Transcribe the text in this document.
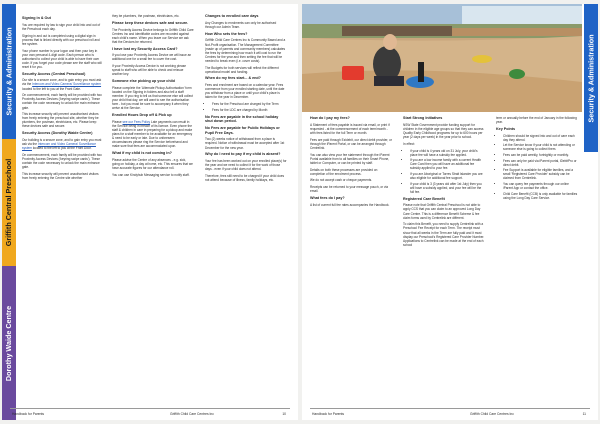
Security & Administration
Griffith Central Preschool
Dorothy Waide Centre
Signing in & Out

You are required by law to sign your child into and out of the Preschool each day.

Signing in and out is completed using a digital sign in process that is linked directly with our preschool roll and fee system.

Your phone number is your logon and then your key in your own personal 4-digit code. Each person who is authorised to collect your child is able to have their own code. If you forget your code please see the staff who will reset it for you.

Security Access (Central Preschool)

Our site is a secure zone, and to gain entry you must ask via the Intercom and Video Camera/ Surveillance system located to the left to you at the Front Gate.

On commencement, each family will be provided with two Proximity Access Devices ('keyring swipe cards'). These contain the code necessary to unlock the main entrance gate.

This increase security will prevent unauthorised visitors from freely entering the preschool site, whether they be plumbers, the postman, electricians, etc. Please keep these devices safe and secure.

Security Access (Dorothy Waide Centre)

Our building is a secure zone, and to gain entry you must ask via the Intercom and Video Camera/ Surveillance system located to the left to you at the Front Door.

On commencement, each family will be provided with two Proximity Access Devices ('keyring swipe cards'). These contain the code necessary to unlock the main entrance gate.

This increase security will prevent unauthorised visitors from freely entering the Centre site whether

they be plumbers, the postman, electricians, etc.

Please keep these devices safe and secure.

The Proximity Access Device belongs to Griffith Child Care Centres Inc and identifiable codes are recorded against each child's name. When you leave our Service we ask that the Devices be returned.

I have lost my Security Access Card?

If you lose your Proximity Access Device we will issue an additional one for a small fee to cover the cost.

If your Proximity Access Device is not working please speak to staff who will be able to check and reissue another key.

Someone else picking up your child

Please complete the 'Alternate Pickup Authorisation' form located on the Signing in folders and also tell a staff member. If you ring to tell us that someone else will collect your child that day, we will want to see the authorisation form - but you must be sure to accompany it when they arrive at the Service.

Enrolled Hours Drop off & Pick up

Please see our Fees Policy Late payments can result in the Service being in breach of its licence. Even phone the staff & children in care in preparing for a pickup and make plans for a staff member to be available for an emergency & need to be early or late. Due to unforeseen circumstances please ring the Service beforehand and make sure that fees are accommodated upon.

What if my child is not coming in?

Please advise the Centre of any absences - e.g. sick, going on holiday, a day at home, etc. This ensures that we have accurate figures for our attendance roll.

You can use Kindyhub Messaging service to notify staff.

Changes to enrolled care days

Any Changes to enrolments can only be authorised through our Admin Team.

How Who sets the fees?

Griffith Child Care Centres Inc is Community Based and a Not-Profit organisation. The Management Committee (made up of parents and community members) calculates the fees by determining how much it will cost to run the Centres for the year and then setting the fee that will be needed to break even (i.e. cover costs).

The Budgets for both services will reflect the different operational model and funding.

When do my fees start... & end?

Fees and enrolment are based on a calendar year. Fees commence from your enrolled starting date, until the date you withdraw from a place or until your child's place is taken for the year in December.

• Fees for the Preschool are charged by the Term
• Fees for the LDC are charged by Month
No Fees are payable in the school holiday shut down period.
No Fees are payable for Public Holidays or Pupil Free Days.

Two (2) weeks notice of withdrawal from a place is required. Notice of withdrawal must be accepted after 1st December for the new year.

Why do I need to pay if my child is absent?

Your fee has been worked out on your enrolled place(s) for the year and we need to collect it for the work of those days - even if your child does not attend.

Therefore, fees still need to be charged if your child does not attend because of illness, family holidays, etc.

Handbook for Parents	Griffith Child Care Centres Inc	10
Security & Administration
How do I pay my fees?

A Statement of fees payable is issued via email, or print if requested - at the commencement of each term/month - with fees listed for the full Term or month.

Fees are paid through Ezidebit, our direct debit provider, or through the iParent Portal, or can be arranged through Centrelink.

You can also view your fee statement through the iParent Portal available from to all families on their Smart Phone, tablet or Computer, or can be printed by staff.

Details on both these processes are provided on completion of the enrolment process.

We do not accept cash or cheque payments.

Receipts can be returned to your message pouch, or via email.

What fees do I pay?

A list of current full fee rates accompanies the Handbook.

Start Strong Initiatives

NSW State Government provide funding support for children in the eligible age groups so that they can access Quality Early Childhood programs for up to 600 hours per year (2 days per week) in the year prior to school.

In effect:

• if your child is 4 years old on 31 July, your child's place fee will have a subsidy fee applied.
• If you are a low income family with a current Health Care Card then you will have an additional fee subsidy applied to your fee.
• If you are Aboriginal or Torres Strait Islander you are also eligible for additional fee support.
• If your child is 3 (3 years old after 1st July) then you will have a subsidy applied, and your fee will be the full fee.
Registered Care Benefit

Please note that Griffith Central Preschool is not able to apply CCS that you can claim to an approved Long Day Care Centre. This is a difference Benefit Scheme & fee claim forms used by Centrelink are different.

To claim this Benefit, you need to supply Centrelink with a Preschool Fee Receipt for each Term. The receipt must show that all weeks in the Term are fully paid and it must display our Preschool's Registered Care Provider Number. Applications to Centrelink can be made at the end of each school

term or annually before the end of January in the following year.

Key Points
• Children should be signed into and out of care each day they attend.
• Let the Service know if your child is not attending or someone else is going to collect them.
• Fees can be paid weekly, fortnightly or monthly.
• Fees can only be paid via iParent portal, iDebitPro or direct debit.
• Fee Support is available for eligible families, and a small 'Registered Care Provider' subsidy can be claimed from Centrelink.
• You can query fee payments through our online iParent App or contact the office.
• Child Care Benefit (CCB) is only available for families using the Long Day Care Service.
Handbook for Parents	Griffith Child Care Centres Inc	11
